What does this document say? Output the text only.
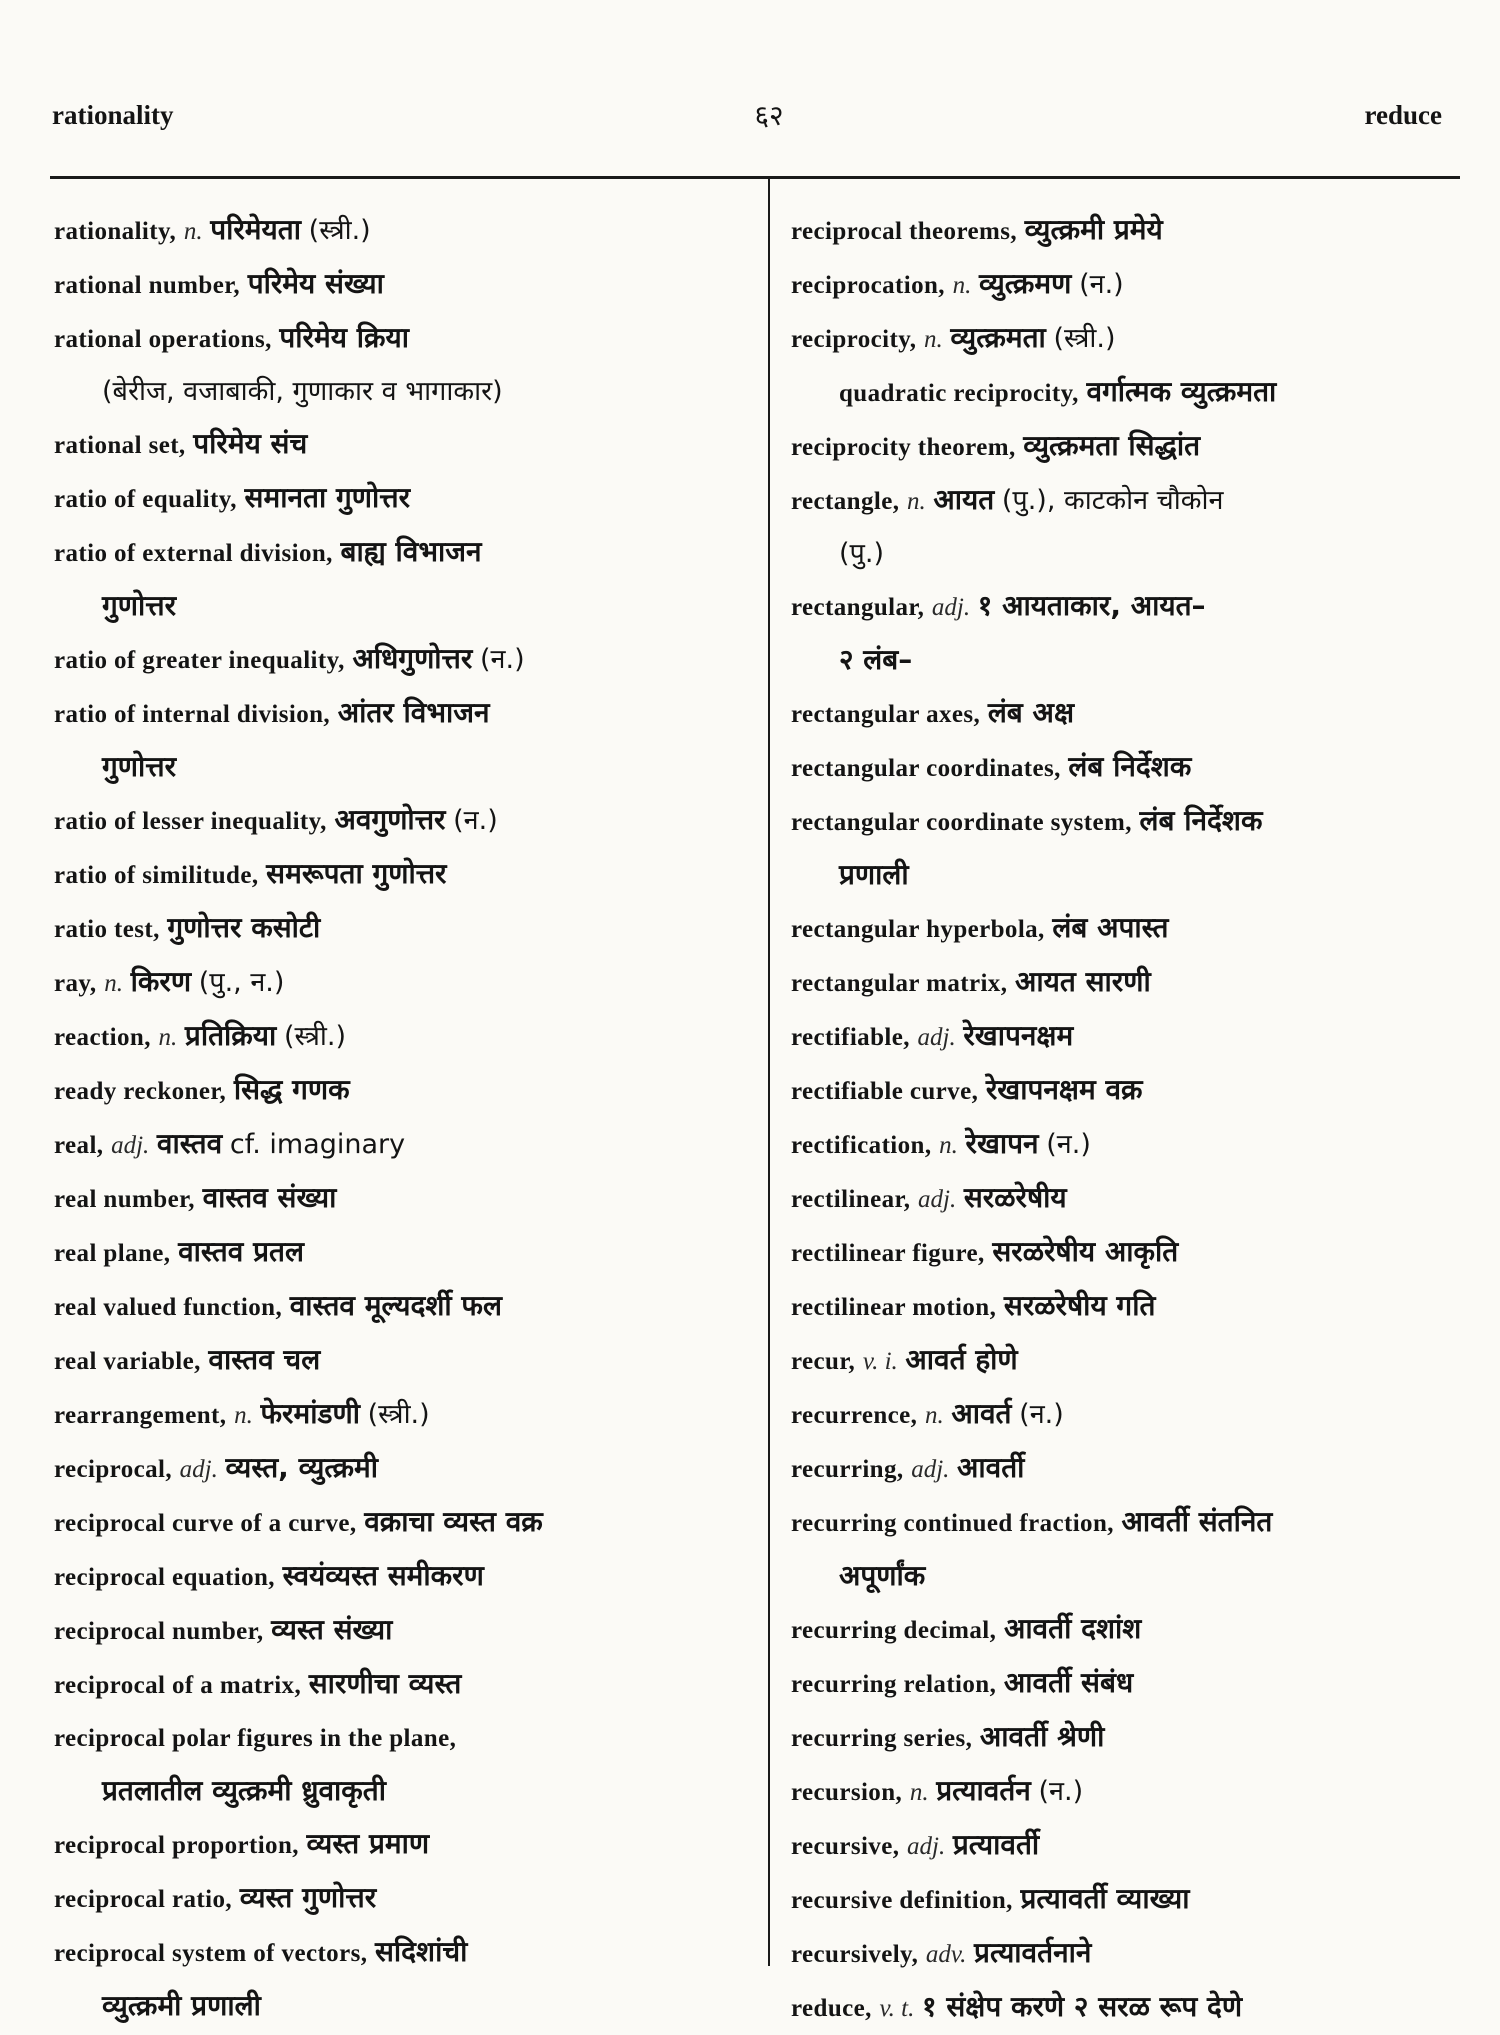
rationality	६२	reduce
rationality, n. परिमेयता (स्त्री.)
rational number, परिमेय संख्या
rational operations, परिमेय क्रिया
(बेरीज, वजाबाकी, गुणाकार व भागाकार)
rational set, परिमेय संच
ratio of equality, समानता गुणोत्तर
ratio of external division, बाह्य विभाजन
गुणोत्तर
ratio of greater inequality, अधिगुणोत्तर (न.)
ratio of internal division, आंतर विभाजन
गुणोत्तर
ratio of lesser inequality, अवगुणोत्तर (न.)
ratio of similitude, समरूपता गुणोत्तर
ratio test, गुणोत्तर कसोटी
ray, n. किरण (पु., न.)
reaction, n. प्रतिक्रिया (स्त्री.)
ready reckoner, सिद्ध गणक
real, adj. वास्तव cf. imaginary
real number, वास्तव संख्या
real plane, वास्तव प्रतल
real valued function, वास्तव मूल्यदर्शी फल
real variable, वास्तव चल
rearrangement, n. फेरमांडणी (स्त्री.)
reciprocal, adj. व्यस्त, व्युत्क्रमी
reciprocal curve of a curve, वक्राचा व्यस्त वक्र
reciprocal equation, स्वयंव्यस्त समीकरण
reciprocal number, व्यस्त संख्या
reciprocal of a matrix, सारणीचा व्यस्त
reciprocal polar figures in the plane,
प्रतलातील व्युत्क्रमी ध्रुवाकृती
reciprocal proportion, व्यस्त प्रमाण
reciprocal ratio, व्यस्त गुणोत्तर
reciprocal system of vectors, सदिशांची
व्युत्क्रमी प्रणाली
reciprocal theorems, व्युत्क्रमी प्रमेये
reciprocation, n. व्युत्क्रमण (न.)
reciprocity, n. व्युत्क्रमता (स्त्री.)
quadratic reciprocity, वर्गात्मक व्युत्क्रमता
reciprocity theorem, व्युत्क्रमता सिद्धांत
rectangle, n. आयत (पु.), काटकोन चौकोन
(पु.)
rectangular, adj. १ आयताकार, आयत–
२ लंब–
rectangular axes, लंब अक्ष
rectangular coordinates, लंब निर्देशक
rectangular coordinate system, लंब निर्देशक
प्रणाली
rectangular hyperbola, लंब अपास्त
rectangular matrix, आयत सारणी
rectifiable, adj. रेखापनक्षम
rectifiable curve, रेखापनक्षम वक्र
rectification, n. रेखापन (न.)
rectilinear, adj. सरळरेषीय
rectilinear figure, सरळरेषीय आकृति
rectilinear motion, सरळरेषीय गति
recur, v. i. आवर्त होणे
recurrence, n. आवर्त (न.)
recurring, adj. आवर्ती
recurring continued fraction, आवर्ती संतनित
अपूर्णांक
recurring decimal, आवर्ती दशांश
recurring relation, आवर्ती संबंध
recurring series, आवर्ती श्रेणी
recursion, n. प्रत्यावर्तन (न.)
recursive, adj. प्रत्यावर्ती
recursive definition, प्रत्यावर्ती व्याख्या
recursively, adv. प्रत्यावर्तनाने
reduce, v. t. १ संक्षेप करणे २ सरळ रूप देणे
